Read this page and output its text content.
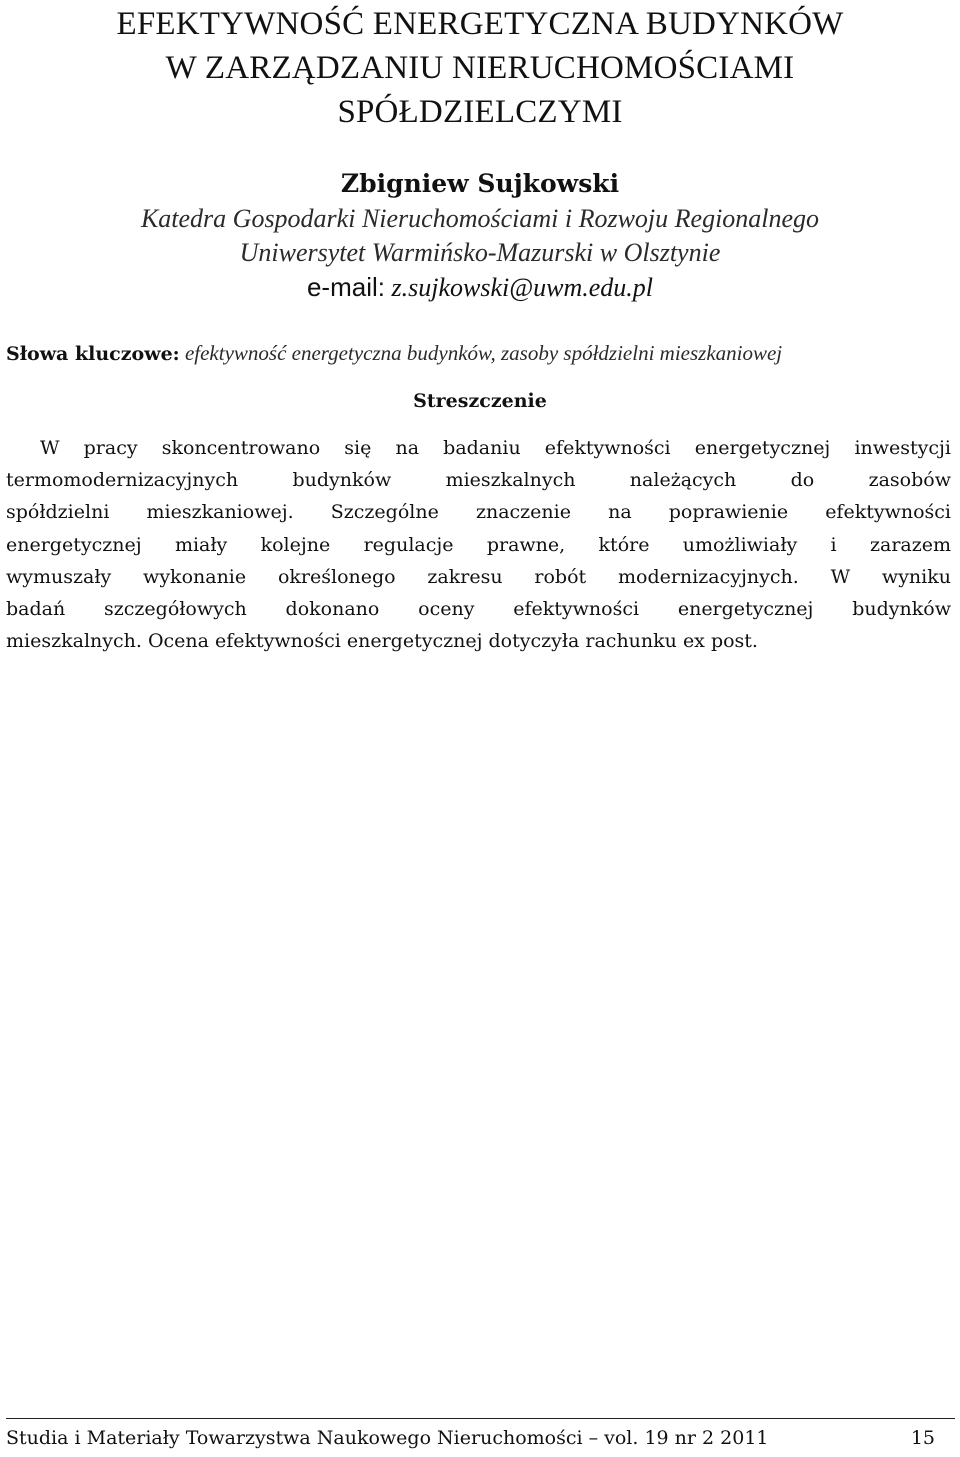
EFEKTYWNOŚĆ ENERGETYCZNA BUDYNKÓW
W ZARZĄDZANIU NIERUCHOMOŚCIAMI
SPÓŁDZIELCZYMI
Zbigniew Sujkowski
Katedra Gospodarki Nieruchomościami i Rozwoju Regionalnego
Uniwersytet Warmińsko-Mazurski w Olsztynie
e-mail: z.sujkowski@uwm.edu.pl
Słowa kluczowe: efektywność energetyczna budynków, zasoby spółdzielni mieszkaniowej
Streszczenie
W pracy skoncentrowano się na badaniu efektywności energetycznej inwestycji
termomodernizacyjnych budynków mieszkalnych należących do zasobów
spółdzielni mieszkaniowej. Szczególne znaczenie na poprawienie efektywności
energetycznej miały kolejne regulacje prawne, które umożliwiały i zarazem
wymuszały wykonanie określonego zakresu robót modernizacyjnych. W wyniku
badań szczegółowych dokonano oceny efektywności energetycznej budynków
mieszkalnych. Ocena efektywności energetycznej dotyczyła rachunku ex post.
Studia i Materiały Towarzystwa Naukowego Nieruchomości – vol. 19 nr 2 2011	15
